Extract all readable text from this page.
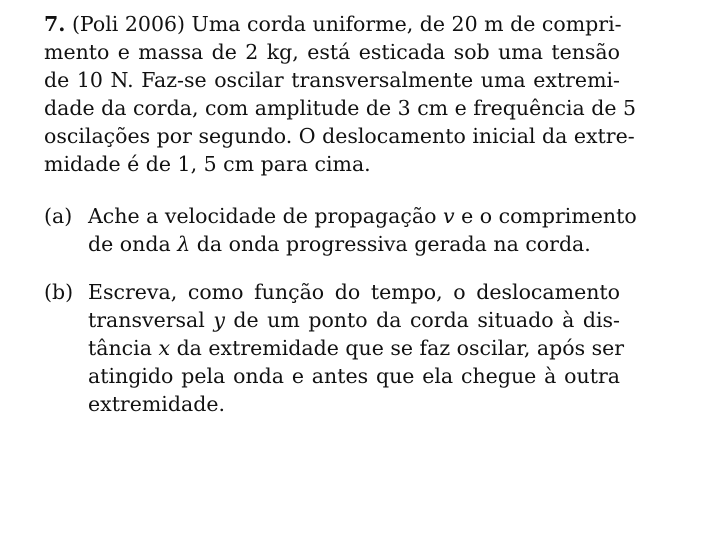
7. (Poli 2006) Uma corda uniforme, de 20 m de compri-
mento e massa de 2 kg, está esticada sob uma tensão
de 10 N. Faz-se oscilar transversalmente uma extremi-
dade da corda, com amplitude de 3 cm e frequência de 5
oscilações por segundo. O deslocamento inicial da extre-
midade é de 1, 5 cm para cima.
(a) Ache a velocidade de propagação v e o comprimento
de onda λ da onda progressiva gerada na corda.
(b) Escreva, como função do tempo, o deslocamento
transversal y de um ponto da corda situado à dis-
tância x da extremidade que se faz oscilar, após ser
atingido pela onda e antes que ela chegue à outra
extremidade.
